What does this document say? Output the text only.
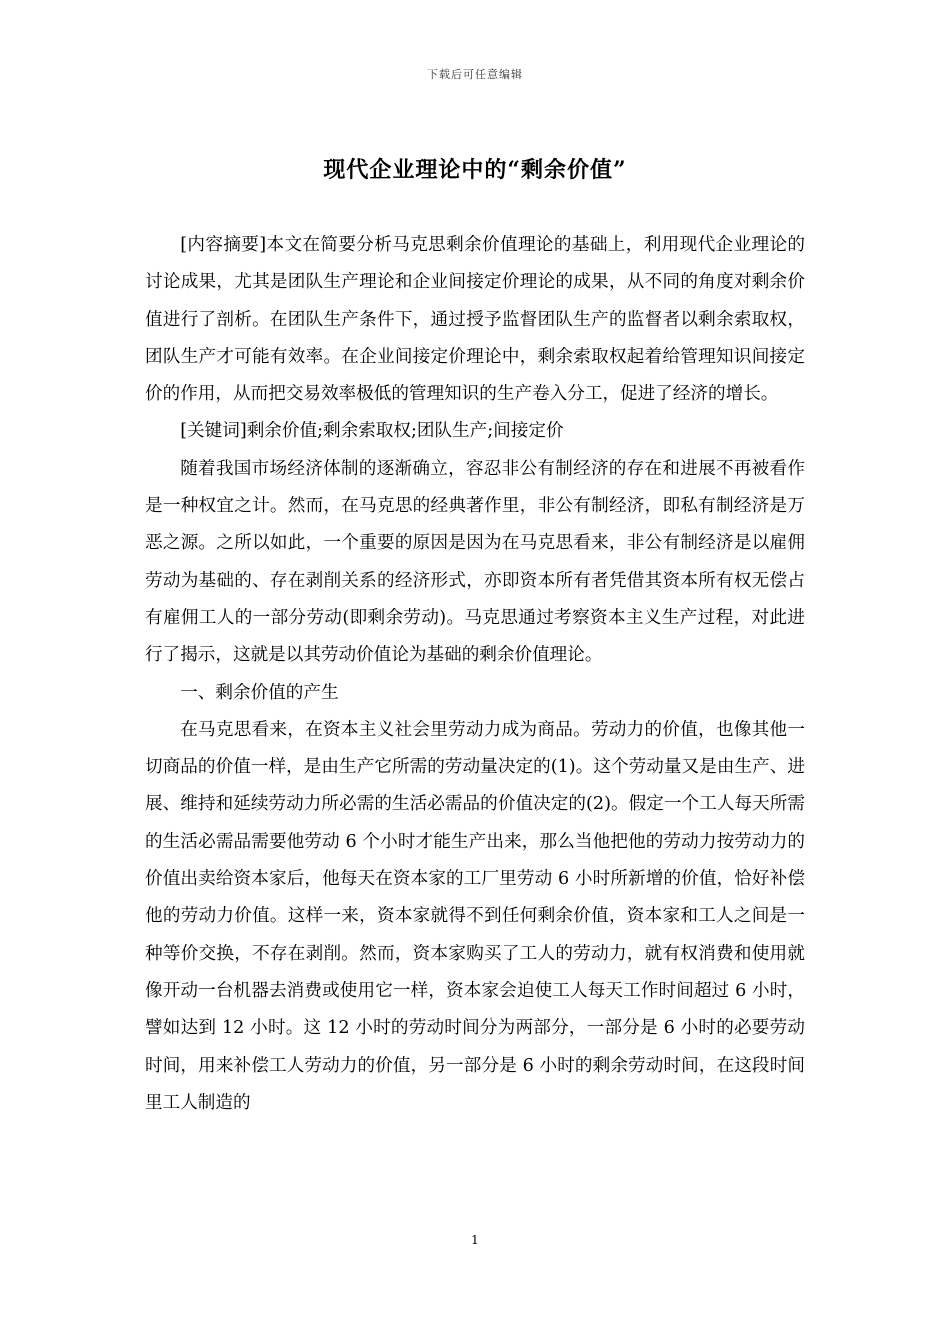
下载后可任意编辑
现代企业理论中的“剩余价值”

[内容摘要]本文在简要分析马克思剩余价值理论的基础上，利用现代企业理论的讨论成果，尤其是团队生产理论和企业间接定价理论的成果，从不同的角度对剩余价值进行了剖析。在团队生产条件下，通过授予监督团队生产的监督者以剩余索取权，团队生产才可能有效率。在企业间接定价理论中，剩余索取权起着给管理知识间接定价的作用，从而把交易效率极低的管理知识的生产卷入分工，促进了经济的增长。

[关键词]剩余价值;剩余索取权;团队生产;间接定价

随着我国市场经济体制的逐渐确立，容忍非公有制经济的存在和进展不再被看作是一种权宜之计。然而，在马克思的经典著作里，非公有制经济，即私有制经济是万恶之源。之所以如此，一个重要的原因是因为在马克思看来，非公有制经济是以雇佣劳动为基础的、存在剥削关系的经济形式，亦即资本所有者凭借其资本所有权无偿占有雇佣工人的一部分劳动(即剩余劳动)。马克思通过考察资本主义生产过程，对此进行了揭示，这就是以其劳动价值论为基础的剩余价值理论。

一、剩余价值的产生

在马克思看来，在资本主义社会里劳动力成为商品。劳动力的价值，也像其他一切商品的价值一样，是由生产它所需的劳动量决定的(1)。这个劳动量又是由生产、进展、维持和延续劳动力所必需的生活必需品的价值决定的(2)。假定一个工人每天所需的生活必需品需要他劳动 6 个小时才能生产出来，那么当他把他的劳动力按劳动力的价值出卖给资本家后，他每天在资本家的工厂里劳动 6 小时所新增的价值，恰好补偿他的劳动力价值。这样一来，资本家就得不到任何剩余价值，资本家和工人之间是一种等价交换，不存在剥削。然而，资本家购买了工人的劳动力，就有权消费和使用就像开动一台机器去消费或使用它一样，资本家会迫使工人每天工作时间超过 6 小时，譬如达到 12 小时。这 12 小时的劳动时间分为两部分，一部分是 6 小时的必要劳动时间，用来补偿工人劳动力的价值，另一部分是 6 小时的剩余劳动时间，在这段时间里工人制造的

1
